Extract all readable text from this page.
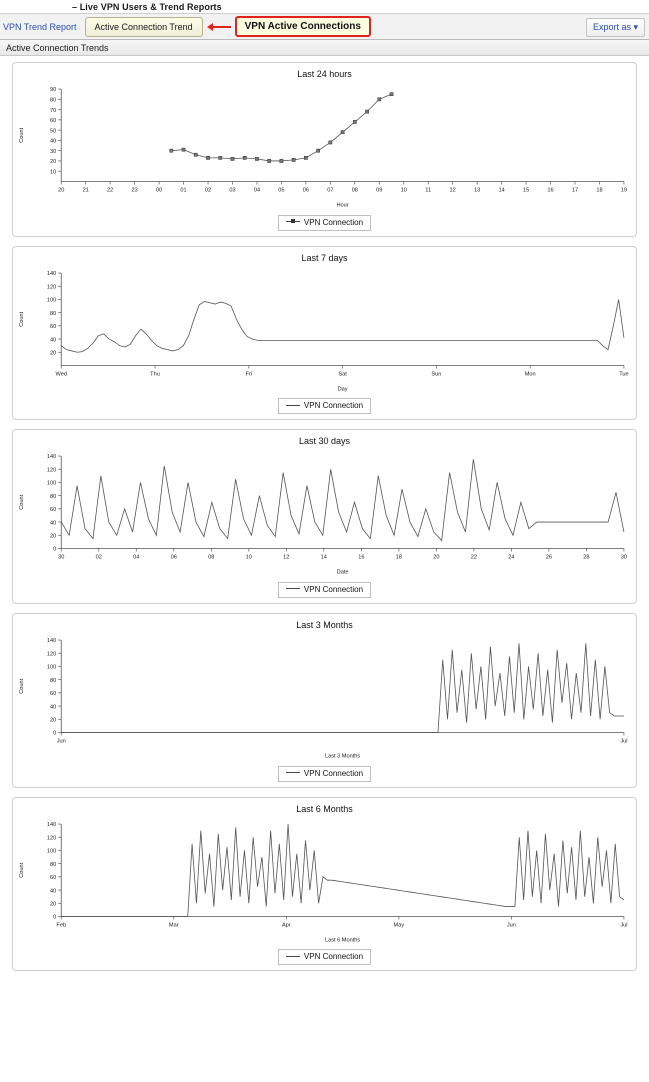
– Live VPN Users & Trend Reports
VPN Trend Report	Active Connection Trend	VPN Active Connections	Export as ▾
Active Connection Trends
Last 24 hours
10
20
30
40
50
60
70
80
90
Count
20	21	22	23	00	01	02	03	04	05	06	07	08	09	10	11	12	13	14	15	16	17	18	19
Hour
VPN Connection
Last 7 days
20
40
60
80
100
120
140
Count
Wed	Thu	Fri	Sat	Sun	Mon	Tue
Day
VPN Connection
Last 30 days
0
20
40
60
80
100
120
140
Count
30	02	04	06	08	10	12	14	16	18	20	22	24	26	28	30
Date
VPN Connection
Last 3 Months
0
20
40
60
80
100
120
140
Count
Jun	Jul
Last 3 Months
VPN Connection
Last 6 Months
0
20
40
60
80
100
120
140
Count
Feb	Mar	Apr	May	Jun	Jul
Last 6 Months
VPN Connection
